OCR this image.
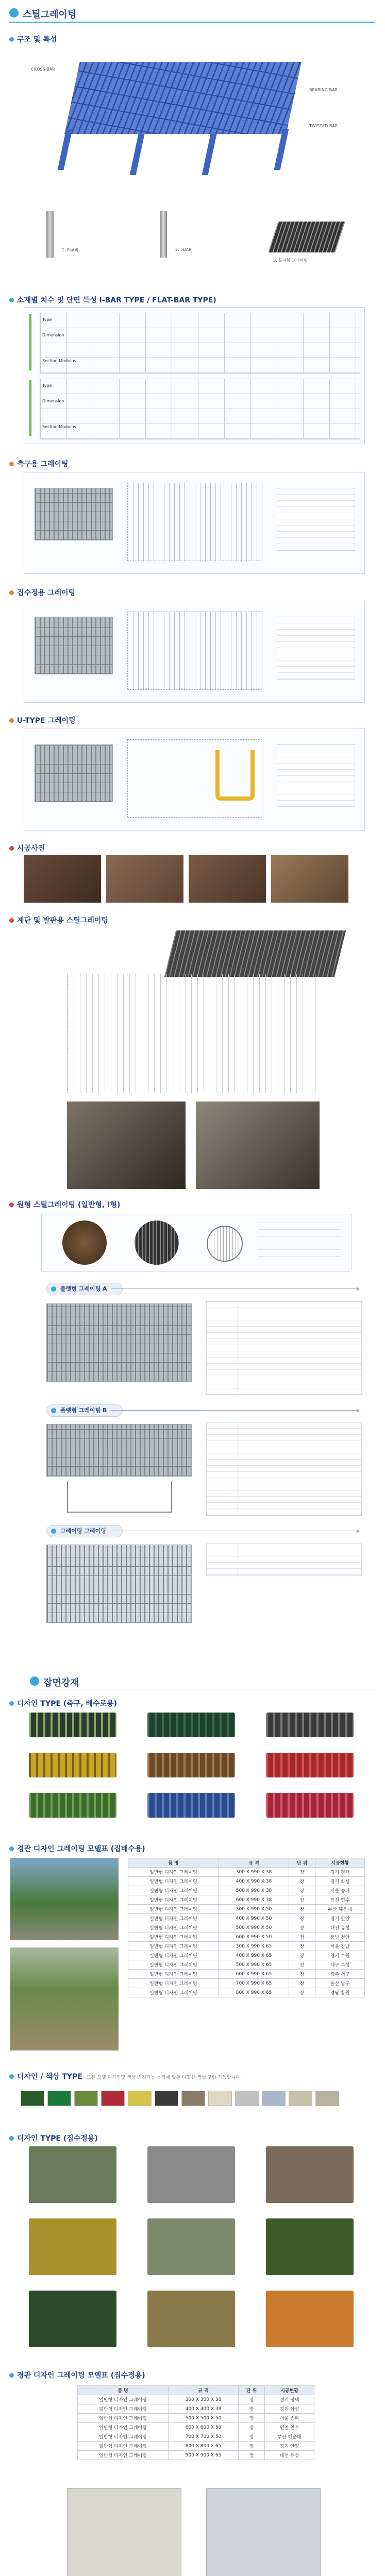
스틸그레이팅
구조 및 특성
CROSS-BAR
BEARING BAR
TWISTED BAR
1. Flat바	2. I-BAR
3. 톱니형 그레이팅
소재별 치수 및 단면 특성 I-BAR TYPE / FLAT-BAR TYPE)
Type
Dimension
Section Modulus
Type
Dimension
Section Modulus
측구용 그레이팅
집수정용 그레이팅
U-TYPE 그레이팅
시공사진
계단 및 발판용 스틸그레이팅
원형 스틸그레이팅 (일반형, I형)
플랫형 그레이팅 A
플랫형 그레이팅 B
그레이팅 그레이팅
잡면강재
디자인 TYPE (측구, 배수로용)
경관 디자인 그레이팅 모델표 (집배수용)
품 명	규 격	단 위	시공현황
일반형 디자인 그레이팅	300 X 990 X 38	장	경기 평택
일반형 디자인 그레이팅	400 X 990 X 38	장	경기 화성
일반형 디자인 그레이팅	500 X 990 X 38	장	서울 송파
일반형 디자인 그레이팅	600 X 990 X 38	장	인천 연수
일반형 디자인 그레이팅	300 X 990 X 50	장	부산 해운대
일반형 디자인 그레이팅	400 X 990 X 50	장	경기 안양
일반형 디자인 그레이팅	500 X 990 X 50	장	대전 유성
일반형 디자인 그레이팅	600 X 990 X 50	장	충남 천안
일반형 디자인 그레이팅	300 X 990 X 65	장	서울 강남
일반형 디자인 그레이팅	400 X 990 X 65	장	경기 수원
일반형 디자인 그레이팅	500 X 990 X 65	장	대구 수성
일반형 디자인 그레이팅	600 X 990 X 65	장	광주 서구
일반형 디자인 그레이팅	700 X 990 X 65	장	울산 남구
일반형 디자인 그레이팅	800 X 990 X 65	장	경남 창원
디자인 / 색상 TYPE 모든 모델 디자인및 색상 변경가능 목적에 맞춘 다양한 색상 구입 가능합니다.
디자인 TYPE (집수정용)
경관 디자인 그레이팅 모델표 (집수정용)
품 명	규 격	단 위	시공현황
일반형 디자인 그레이팅	300 X 300 X 38	장	경기 평택
일반형 디자인 그레이팅	400 X 400 X 38	장	경기 화성
일반형 디자인 그레이팅	500 X 500 X 50	장	서울 송파
일반형 디자인 그레이팅	600 X 600 X 50	장	인천 연수
일반형 디자인 그레이팅	700 X 700 X 50	장	부산 해운대
일반형 디자인 그레이팅	800 X 800 X 65	장	경기 안양
일반형 디자인 그레이팅	900 X 900 X 65	장	대전 유성
